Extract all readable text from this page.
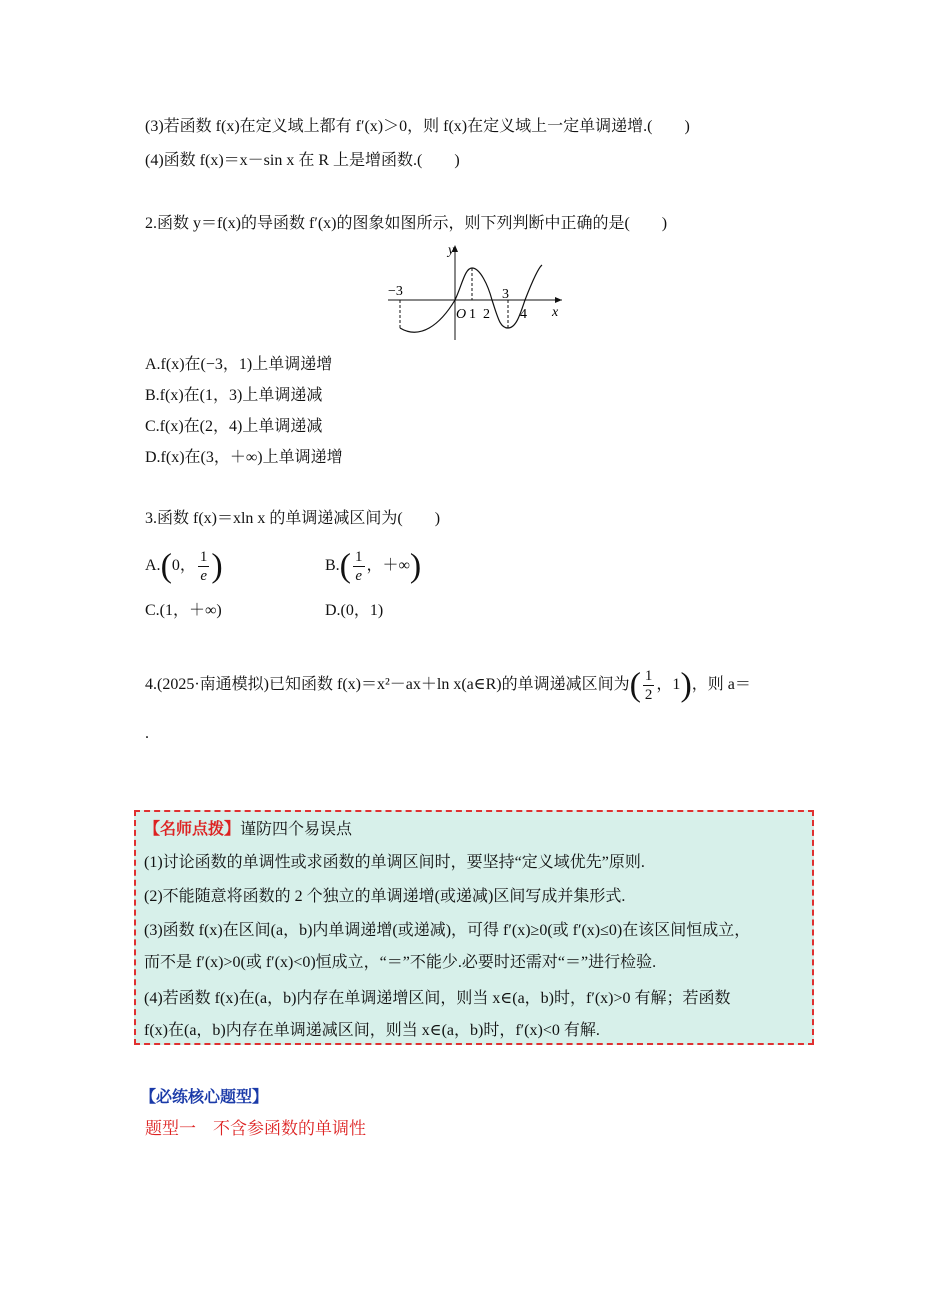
(3)若函数 f(x)在定义域上都有 f′(x)＞0，则 f(x)在定义域上一定单调递增.(　　)
(4)函数 f(x)＝x－sin x 在 R 上是增函数.(　　)
2.函数 y＝f(x)的导函数 f′(x)的图象如图所示，则下列判断中正确的是(　　)
y
x
O
−3
1 2
3
4
A.f(x)在(−3，1)上单调递增
B.f(x)在(1，3)上单调递减
C.f(x)在(2，4)上单调递减
D.f(x)在(3，＋∞)上单调递增
3.函数 f(x)＝xln x 的单调递减区间为(　　)
A.(0， $\frac{1}{e}$ )	$B.( \frac{1}{e}$ ，＋∞)
C.(1，＋∞)	D.(0，1)
4.(2025·南通模拟)已知函数 f(x)＝x²－ax＋ln x(a∈R)的单调递减区间为( $\frac{1}{2}$ ，1)，则 a＝
.
【名师点拨】谨防四个易误点
(1)讨论函数的单调性或求函数的单调区间时，要坚持“定义域优先”原则.
(2)不能随意将函数的 2 个独立的单调递增(或递减)区间写成并集形式.
(3)函数 f(x)在区间(a，b)内单调递增(或递减)，可得 f′(x)≥0(或 f′(x)≤0)在该区间恒成立，
而不是 f′(x)>0(或 f′(x)<0)恒成立，“＝”不能少.必要时还需对“＝”进行检验.
(4)若函数 f(x)在(a，b)内存在单调递增区间，则当 x∈(a，b)时，f′(x)>0 有解；若函数
f(x)在(a，b)内存在单调递减区间，则当 x∈(a，b)时，f′(x)<0 有解.
【必练核心题型】
题型一　不含参函数的单调性
